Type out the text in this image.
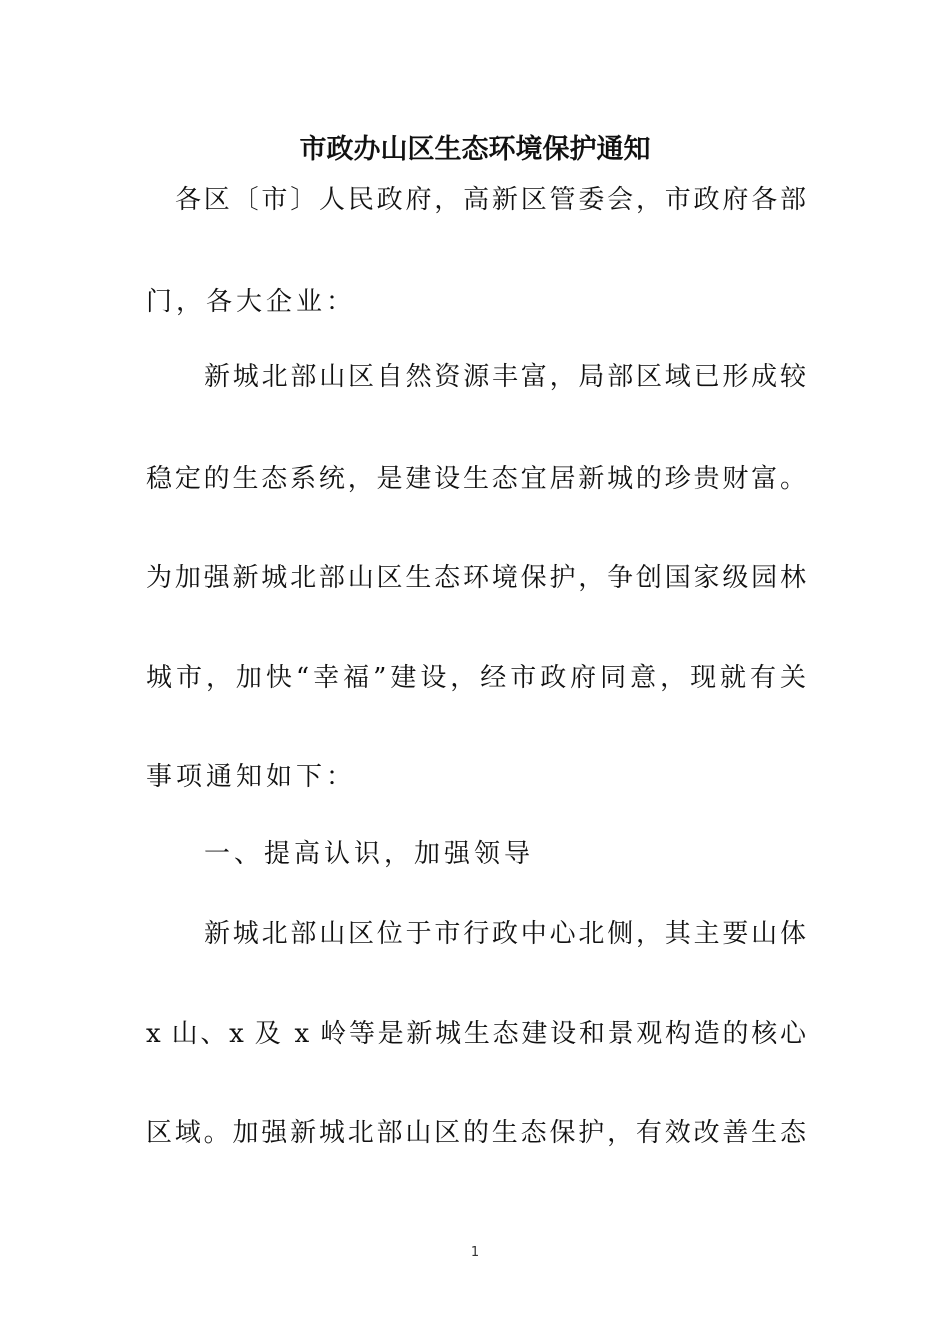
市政办山区生态环境保护通知
各区〔市〕人民政府，高新区管委会，市政府各部
门，各大企业：
新城北部山区自然资源丰富，局部区域已形成较
稳定的生态系统，是建设生态宜居新城的珍贵财富。
为加强新城北部山区生态环境保护，争创国家级园林
城市，加快“幸福”建设，经市政府同意，现就有关
事项通知如下：
一、提高认识，加强领导
新城北部山区位于市行政中心北侧，其主要山体
x 山、x 及 x 岭等是新城生态建设和景观构造的核心
区域。加强新城北部山区的生态保护，有效改善生态
1
